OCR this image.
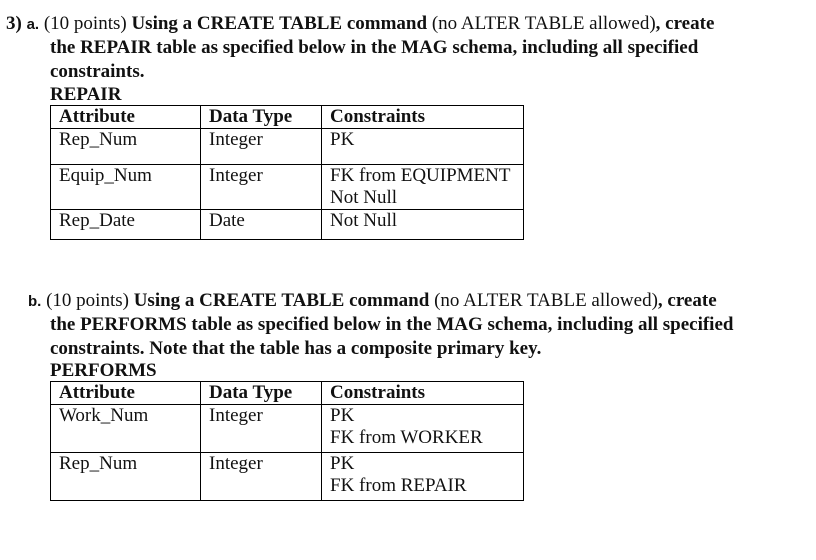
3) a. (10 points) Using a CREATE TABLE command (no ALTER TABLE allowed), create
the REPAIR table as specified below in the MAG schema, including all specified
constraints.
REPAIR
Attribute	Data Type	Constraints
Rep_Num	Integer	PK

Equip_Num	Integer	FK from EQUIPMENT
Not Null

Rep_Date	Date	Not Null
b. (10 points) Using a CREATE TABLE command (no ALTER TABLE allowed), create
the PERFORMS table as specified below in the MAG schema, including all specified
constraints. Note that the table has a composite primary key.
PERFORMS
Attribute	Data Type	Constraints
Work_Num	Integer	PK
FK from WORKER

Rep_Num	Integer	PK
FK from REPAIR
